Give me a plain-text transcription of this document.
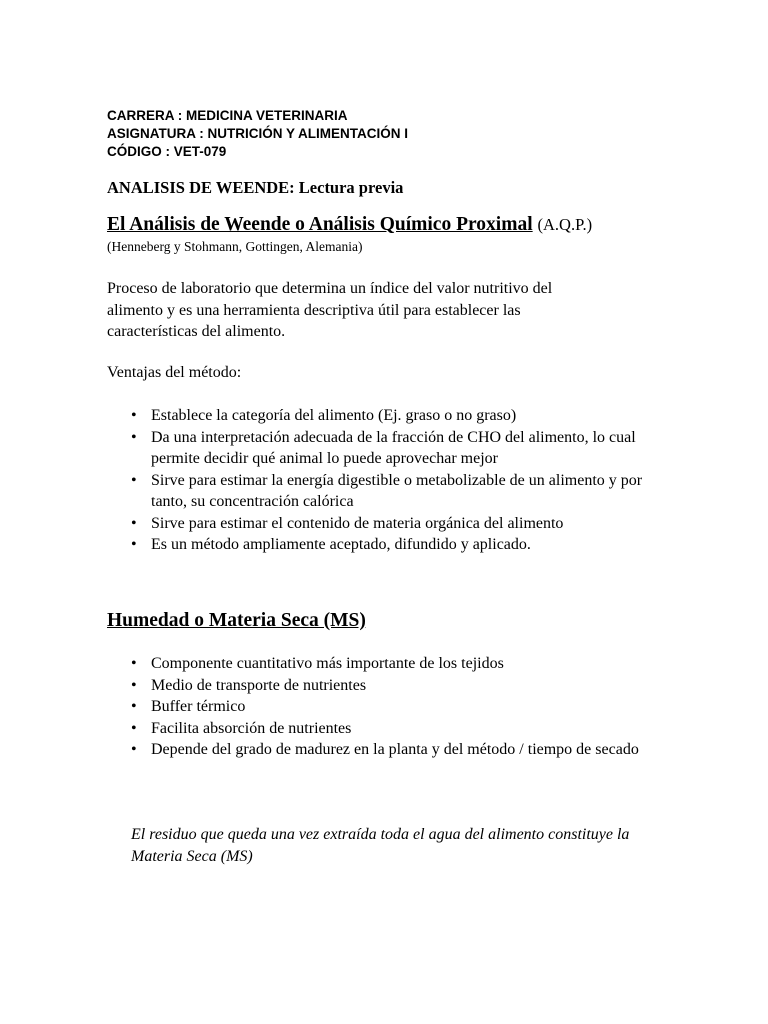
CARRERA : MEDICINA VETERINARIA
ASIGNATURA : NUTRICIÓN Y ALIMENTACIÓN I
CÓDIGO : VET-079
ANALISIS DE WEENDE: Lectura previa
El Análisis de Weende o Análisis Químico Proximal (A.Q.P.)
(Henneberg y Stohmann, Gottingen, Alemania)
Proceso de laboratorio que determina un índice del valor nutritivo del alimento y es una herramienta descriptiva útil para establecer las características del alimento.
Ventajas del método:
• Establece la categoría del alimento (Ej. graso o no graso)
• Da una interpretación adecuada de la fracción de CHO del alimento, lo cual permite decidir qué animal lo puede aprovechar mejor
• Sirve para estimar la energía digestible o metabolizable de un alimento y por tanto, su concentración calórica
• Sirve para estimar el contenido de materia orgánica del alimento
• Es un método ampliamente aceptado, difundido y aplicado.
Humedad o Materia Seca (MS)
• Componente cuantitativo más importante de los tejidos
• Medio de transporte de nutrientes
• Buffer térmico
• Facilita absorción de nutrientes
• Depende del grado de madurez en la planta y del método / tiempo de secado
El residuo que queda una vez extraída toda el agua del alimento constituye la Materia Seca (MS)
